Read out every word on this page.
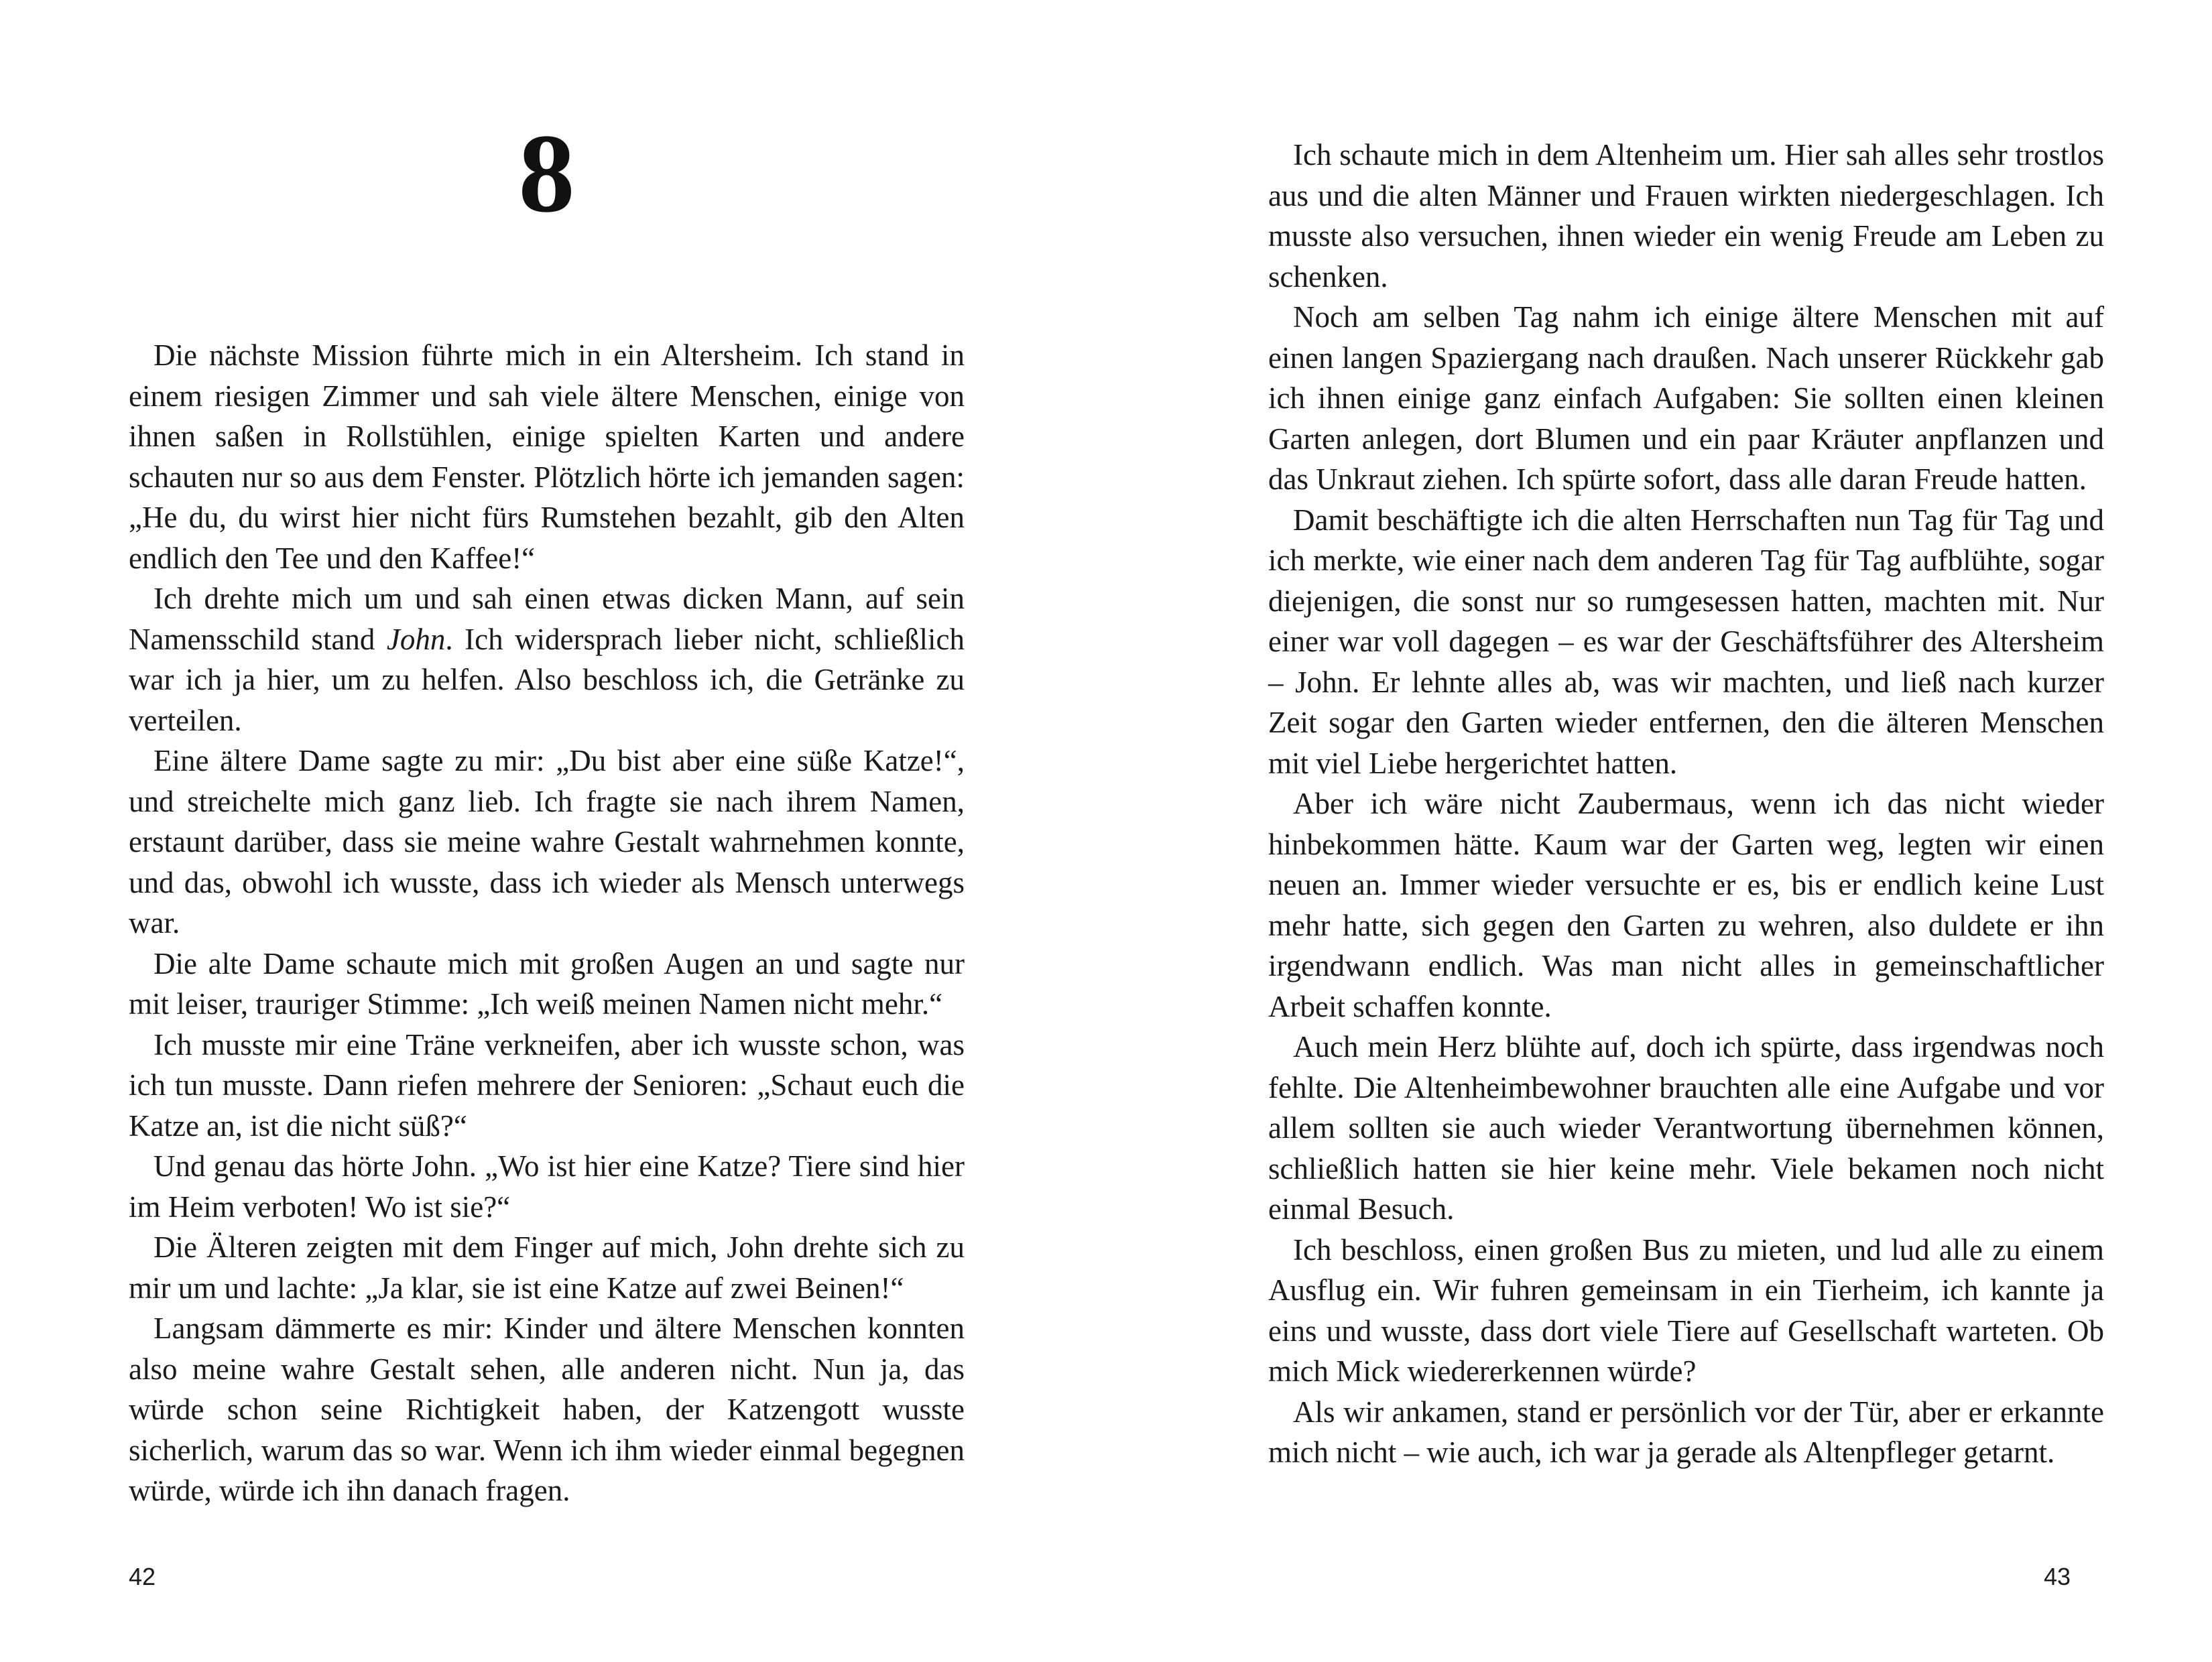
8

Die nächste Mission führte mich in ein Altersheim. Ich stand in einem riesigen Zimmer und sah viele ältere Menschen, einige von ihnen saßen in Rollstühlen, einige spielten Karten und andere schauten nur so aus dem Fenster. Plötzlich hörte ich jemanden sagen: „He du, du wirst hier nicht fürs Rumstehen bezahlt, gib den Alten endlich den Tee und den Kaffee!“

Ich drehte mich um und sah einen etwas dicken Mann, auf sein Namensschild stand John. Ich widersprach lieber nicht, schließlich war ich ja hier, um zu helfen. Also beschloss ich, die Getränke zu verteilen.

Eine ältere Dame sagte zu mir: „Du bist aber eine süße Katze!“, und streichelte mich ganz lieb. Ich fragte sie nach ihrem Namen, erstaunt darüber, dass sie meine wahre Gestalt wahrnehmen konnte, und das, obwohl ich wusste, dass ich wieder als Mensch unterwegs war.

Die alte Dame schaute mich mit großen Augen an und sagte nur mit leiser, trauriger Stimme: „Ich weiß meinen Namen nicht mehr.“

Ich musste mir eine Träne verkneifen, aber ich wusste schon, was ich tun musste. Dann riefen mehrere der Senioren: „Schaut euch die Katze an, ist die nicht süß?“

Und genau das hörte John. „Wo ist hier eine Katze? Tiere sind hier im Heim verboten! Wo ist sie?“

Die Älteren zeigten mit dem Finger auf mich, John drehte sich zu mir um und lachte: „Ja klar, sie ist eine Katze auf zwei Beinen!“

Langsam dämmerte es mir: Kinder und ältere Menschen konnten also meine wahre Gestalt sehen, alle anderen nicht. Nun ja, das würde schon seine Richtigkeit haben, der Katzengott wusste sicherlich, warum das so war. Wenn ich ihm wieder einmal begegnen würde, würde ich ihn danach fragen.

42

Ich schaute mich in dem Altenheim um. Hier sah alles sehr trostlos aus und die alten Männer und Frauen wirkten niedergeschlagen. Ich musste also versuchen, ihnen wieder ein wenig Freude am Leben zu schenken.

Noch am selben Tag nahm ich einige ältere Menschen mit auf einen langen Spaziergang nach draußen. Nach unserer Rückkehr gab ich ihnen einige ganz einfach Aufgaben: Sie sollten einen kleinen Garten anlegen, dort Blumen und ein paar Kräuter anpflanzen und das Unkraut ziehen. Ich spürte sofort, dass alle daran Freude hatten.

Damit beschäftigte ich die alten Herrschaften nun Tag für Tag und ich merkte, wie einer nach dem anderen Tag für Tag aufblühte, sogar diejenigen, die sonst nur so rumgesessen hatten, machten mit. Nur einer war voll dagegen – es war der Geschäftsführer des Altersheim – John. Er lehnte alles ab, was wir machten, und ließ nach kurzer Zeit sogar den Garten wieder entfernen, den die älteren Menschen mit viel Liebe hergerichtet hatten.

Aber ich wäre nicht Zaubermaus, wenn ich das nicht wieder hinbekommen hätte. Kaum war der Garten weg, legten wir einen neuen an. Immer wieder versuchte er es, bis er endlich keine Lust mehr hatte, sich gegen den Garten zu wehren, also duldete er ihn irgendwann endlich. Was man nicht alles in gemeinschaftlicher Arbeit schaffen konnte.

Auch mein Herz blühte auf, doch ich spürte, dass irgendwas noch fehlte. Die Altenheimbewohner brauchten alle eine Aufgabe und vor allem sollten sie auch wieder Verantwortung übernehmen können, schließlich hatten sie hier keine mehr. Viele bekamen noch nicht einmal Besuch.

Ich beschloss, einen großen Bus zu mieten, und lud alle zu einem Ausflug ein. Wir fuhren gemeinsam in ein Tierheim, ich kannte ja eins und wusste, dass dort viele Tiere auf Gesellschaft warteten. Ob mich Mick wiedererkennen würde?

Als wir ankamen, stand er persönlich vor der Tür, aber er erkannte mich nicht – wie auch, ich war ja gerade als Altenpfleger getarnt.

43
